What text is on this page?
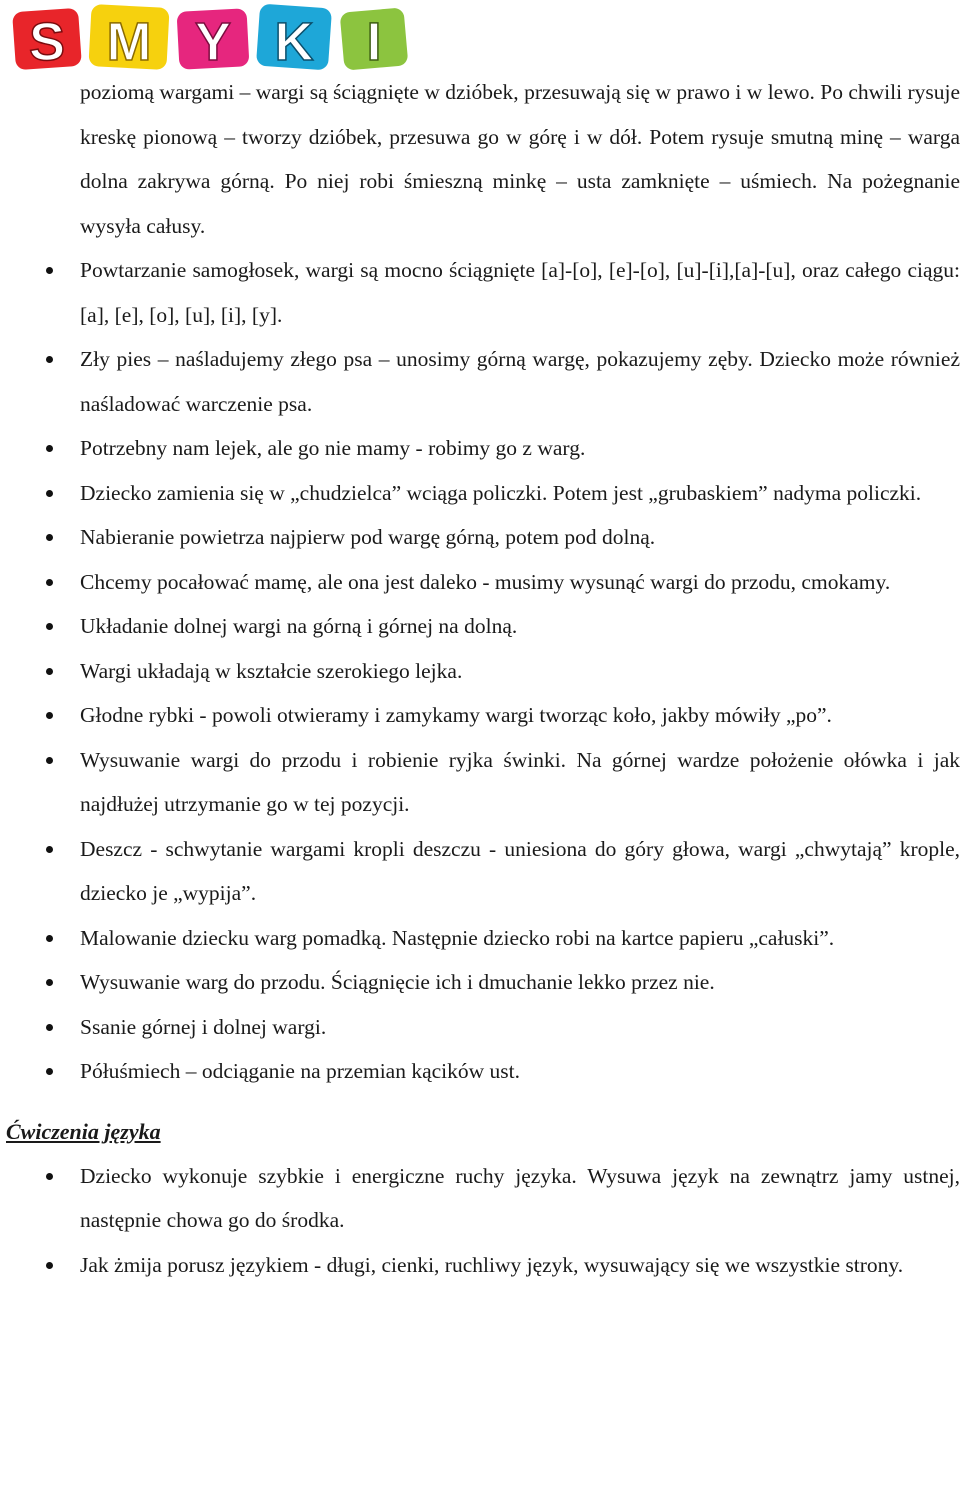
S M Y K I

poziomą wargami – wargi są ściągnięte w dzióbek, przesuwają się w prawo i w lewo. Po chwili rysuje kreskę pionową – tworzy dzióbek, przesuwa go w górę i w dół. Potem rysuje smutną minę – warga dolna zakrywa górną. Po niej robi śmieszną minkę – usta zamknięte – uśmiech. Na pożegnanie wysyła całusy.

Powtarzanie samogłosek, wargi są mocno ściągnięte [a]-[o], [e]-[o], [u]-[i],[a]-[u], oraz całego ciągu: [a], [e], [o], [u], [i], [y].
Zły pies – naśladujemy złego psa – unosimy górną wargę, pokazujemy zęby. Dziecko może również naśladować warczenie psa.
Potrzebny nam lejek, ale go nie mamy - robimy go z warg.
Dziecko zamienia się w „chudzielca” wciąga policzki. Potem jest „grubaskiem” nadyma policzki.
Nabieranie powietrza najpierw pod wargę górną, potem pod dolną.
Chcemy pocałować mamę, ale ona jest daleko - musimy wysunąć wargi do przodu, cmokamy.
Układanie dolnej wargi na górną i górnej na dolną.
Wargi układają w kształcie szerokiego lejka.
Głodne rybki - powoli otwieramy i zamykamy wargi tworząc koło, jakby mówiły „po”.
Wysuwanie wargi do przodu i robienie ryjka świnki. Na górnej wardze położenie ołówka i jak najdłużej utrzymanie go w tej pozycji.
Deszcz - schwytanie wargami kropli deszczu - uniesiona do góry głowa, wargi „chwytają” krople, dziecko je „wypija”.
Malowanie dziecku warg pomadką. Następnie dziecko robi na kartce papieru „całuski”.
Wysuwanie warg do przodu. Ściągnięcie ich i dmuchanie lekko przez nie.
Ssanie górnej i dolnej wargi.
Półuśmiech – odciąganie na przemian kącików ust.
Ćwiczenia języka
Dziecko wykonuje szybkie i energiczne ruchy języka. Wysuwa język na zewnątrz jamy ustnej, następnie chowa go do środka.
Jak żmija porusz językiem - długi, cienki, ruchliwy język, wysuwający się we wszystkie strony.
